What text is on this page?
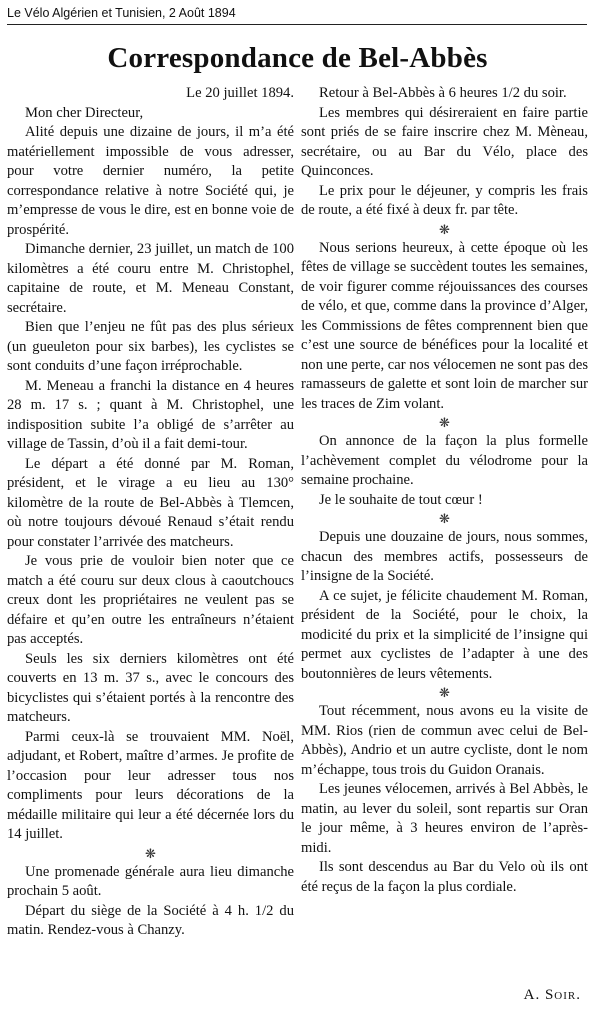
Le Vélo Algérien et Tunisien, 2 Août 1894
Correspondance de Bel-Abbès

Le 20 juillet 1894.

Mon cher Directeur,

Alité depuis une dizaine de jours, il m’a été matériellement impossible de vous adresser, pour votre dernier numéro, la petite correspondance relative à notre Société qui, je m’empresse de vous le dire, est en bonne voie de prospérité.

Dimanche dernier, 23 juillet, un match de 100 kilomètres a été couru entre M. Christophel, capitaine de route, et M. Meneau Constant, secrétaire.

Bien que l’enjeu ne fût pas des plus sérieux (un gueuleton pour six barbes), les cyclistes se sont conduits d’une façon irréprochable.

M. Meneau a franchi la distance en 4 heures 28 m. 17 s. ; quant à M. Christophel, une indisposition subite l’a obligé de s’arrêter au village de Tassin, d’où il a fait demi-tour.

Le départ a été donné par M. Roman, président, et le virage a eu lieu au 130° kilomètre de la route de Bel-Abbès à Tlemcen, où notre toujours dévoué Renaud s’était rendu pour constater l’arrivée des matcheurs.

Je vous prie de vouloir bien noter que ce match a été couru sur deux clous à caoutchoucs creux dont les propriétaires ne veulent pas se défaire et qu’en outre les entraîneurs n’étaient pas acceptés.

Seuls les six derniers kilomètres ont été couverts en 13 m. 37 s., avec le concours des bicyclistes qui s’étaient portés à la rencontre des matcheurs.

Parmi ceux-là se trouvaient MM. Noël, adjudant, et Robert, maître d’armes. Je profite de l’occasion pour leur adresser tous nos compliments pour leurs décorations de la médaille militaire qui leur a été décernée lors du 14 juillet.

❋

Une promenade générale aura lieu dimanche prochain 5 août.

Départ du siège de la Société à 4 h. 1/2 du matin. Rendez-vous à Chanzy.

Retour à Bel-Abbès à 6 heures 1/2 du soir.

Les membres qui désireraient en faire partie sont priés de se faire inscrire chez M. Mèneau, secrétaire, ou au Bar du Vélo, place des Quinconces.

Le prix pour le déjeuner, y compris les frais de route, a été fixé à deux fr. par tête.

❋

Nous serions heureux, à cette époque où les fêtes de village se succèdent toutes les semaines, de voir figurer comme réjouissances des courses de vélo, et que, comme dans la province d’Alger, les Commissions de fêtes comprennent bien que c’est une source de bénéfices pour la localité et non une perte, car nos vélocemen ne sont pas des ramasseurs de galette et sont loin de marcher sur les traces de Zim volant.

❋

On annonce de la façon la plus formelle l’achèvement complet du vélodrome pour la semaine prochaine.

Je le souhaite de tout cœur !

❋

Depuis une douzaine de jours, nous sommes, chacun des membres actifs, possesseurs de l’insigne de la Société.

A ce sujet, je félicite chaudement M. Roman, président de la Société, pour le choix, la modicité du prix et la simplicité de l’insigne qui permet aux cyclistes de l’adapter à une des boutonnières de leurs vêtements.

❋

Tout récemment, nous avons eu la visite de MM. Rios (rien de commun avec celui de Bel-Abbès), Andrio et un autre cycliste, dont le nom m’échappe, tous trois du Guidon Oranais.

Les jeunes vélocemen, arrivés à Bel Abbès, le matin, au lever du soleil, sont repartis sur Oran le jour même, à 3 heures environ de l’après-midi.

Ils sont descendus au Bar du Velo où ils ont été reçus de la façon la plus cordiale.

A. Soir.
